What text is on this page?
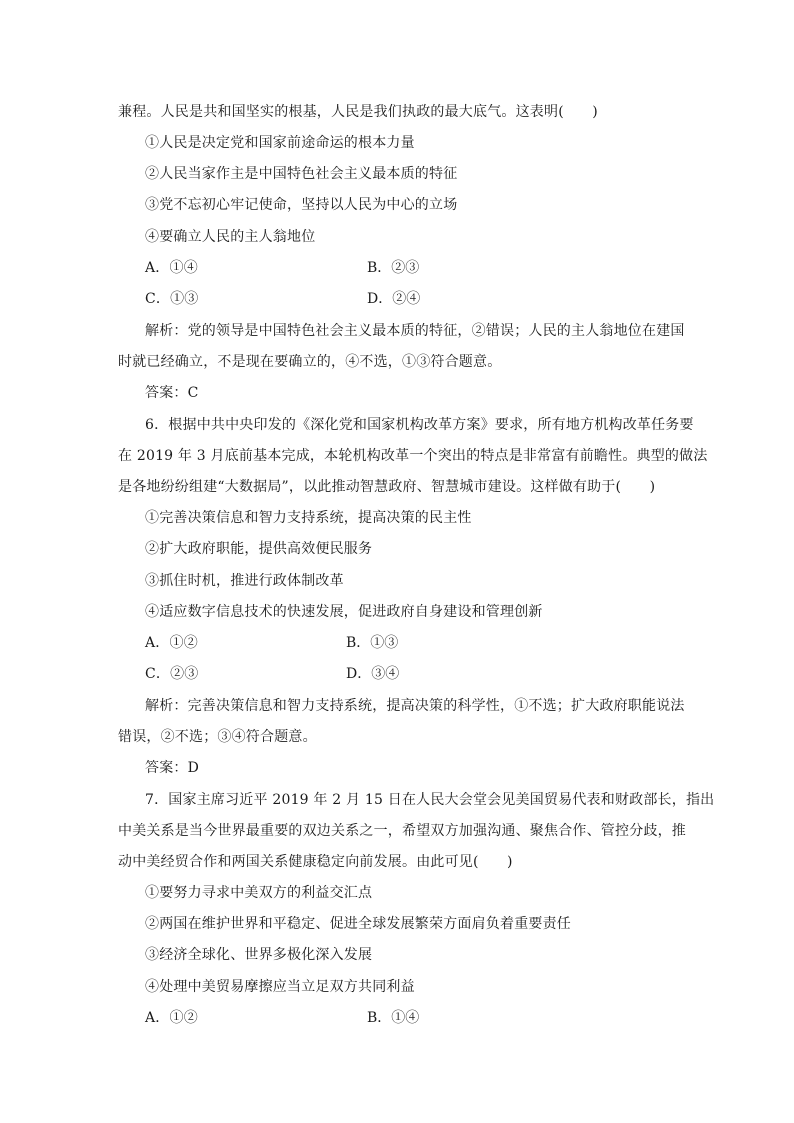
兼程。人民是共和国坚实的根基，人民是我们执政的最大底气。这表明(　　)
①人民是决定党和国家前途命运的根本力量
②人民当家作主是中国特色社会主义最本质的特征
③党不忘初心牢记使命，坚持以人民为中心的立场
④要确立人民的主人翁地位
A．①④	B．②③
C．①③	D．②④
解析：党的领导是中国特色社会主义最本质的特征，②错误；人民的主人翁地位在建国
时就已经确立，不是现在要确立的，④不选，①③符合题意。
答案：C
6．根据中共中央印发的《深化党和国家机构改革方案》要求，所有地方机构改革任务要
在 2019 年 3 月底前基本完成，本轮机构改革一个突出的特点是非常富有前瞻性。典型的做法
是各地纷纷组建“大数据局”，以此推动智慧政府、智慧城市建设。这样做有助于(　　)
①完善决策信息和智力支持系统，提高决策的民主性
②扩大政府职能，提供高效便民服务
③抓住时机，推进行政体制改革
④适应数字信息技术的快速发展，促进政府自身建设和管理创新
A．①②	B．①③
C．②③	D．③④
解析：完善决策信息和智力支持系统，提高决策的科学性，①不选；扩大政府职能说法
错误，②不选；③④符合题意。
答案：D
7．国家主席习近平 2019 年 2 月 15 日在人民大会堂会见美国贸易代表和财政部长，指出
中美关系是当今世界最重要的双边关系之一，希望双方加强沟通、聚焦合作、管控分歧，推
动中美经贸合作和两国关系健康稳定向前发展。由此可见(　　)
①要努力寻求中美双方的利益交汇点
②两国在维护世界和平稳定、促进全球发展繁荣方面肩负着重要责任
③经济全球化、世界多极化深入发展
④处理中美贸易摩擦应当立足双方共同利益
A．①②	B．①④
